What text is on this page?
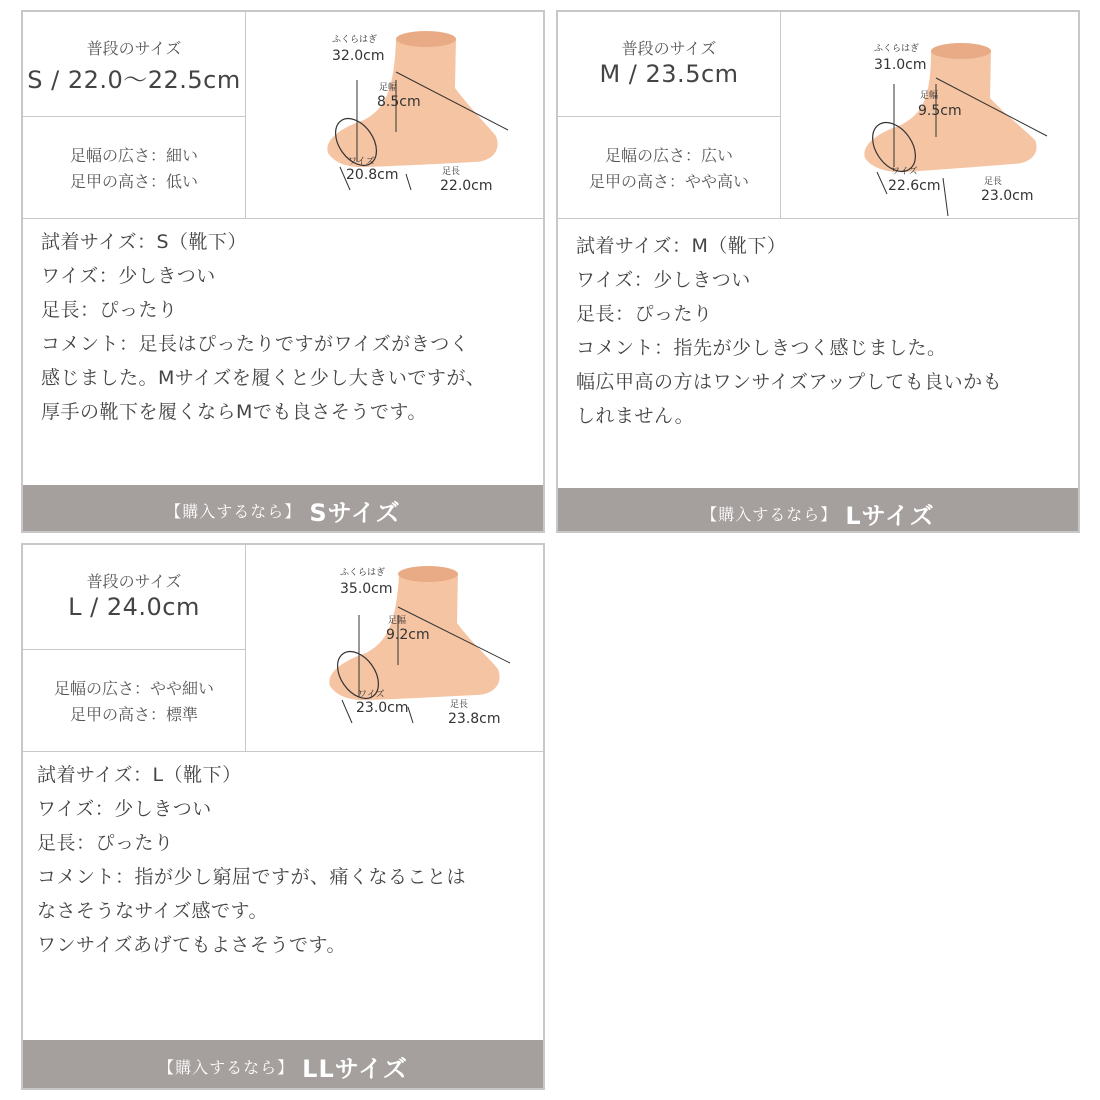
普段のサイズ
S / 22.0〜22.5cm
足幅の広さ：細い
足甲の高さ：低い
ふくらはぎ
32.0cm
足幅
8.5cm
ワイズ
20.8cm	足長
22.0cm
試着サイズ：S（靴下）
ワイズ：少しきつい
足長：ぴったり
コメント：足長はぴったりですがワイズがきつく
感じました。Mサイズを履くと少し大きいですが、
厚手の靴下を履くならMでも良さそうです。
【購入するなら】 Sサイズ
普段のサイズ
M / 23.5cm
足幅の広さ：広い
足甲の高さ：やや高い
ふくらはぎ
31.0cm
足幅
9.5cm
ワイズ
22.6cm	足長
23.0cm
試着サイズ：M（靴下）
ワイズ：少しきつい
足長：ぴったり
コメント：指先が少しきつく感じました。
幅広甲高の方はワンサイズアップしても良いかも
しれません。
【購入するなら】 Lサイズ
普段のサイズ
L / 24.0cm
足幅の広さ：やや細い
足甲の高さ：標準
ふくらはぎ
35.0cm
足幅
9.2cm
ワイズ
23.0cm	足長
23.8cm
試着サイズ：L（靴下）
ワイズ：少しきつい
足長：ぴったり
コメント：指が少し窮屈ですが、痛くなることは
なさそうなサイズ感です。
ワンサイズあげてもよさそうです。
【購入するなら】 LLサイズ
